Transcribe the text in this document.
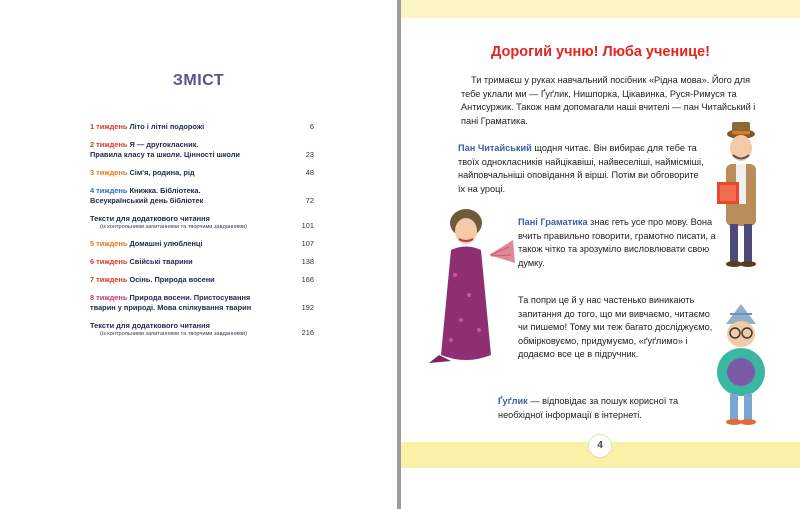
ЗМІСТ
1 тиждень Літо і літні подорожі	6
2 тиждень Я — другокласник.
Правила класу та школи. Цінності школи	23
3 тиждень Сім'я, родина, рід	48
4 тиждень Книжка. Бібліотека.
Всеукраїнський день бібліотек	72
Тексти для додаткового читання
(із контрольними запитаннями та творчими завданнями)	101
5 тиждень Домашні улюбленці	107
6 тиждень Свійські тварини	138
7 тиждень Осінь. Природа восени	166
8 тиждень Природа восени. Пристосування
тварин у природі. Мова спілкування тварин	192
Тексти для додаткового читання
(із контрольними запитаннями та творчими завданнями)	216
Дорогий учню! Люба ученице!
Ти тримаєш у руках навчальний посібник «Рідна мова». Його для тебе уклали ми — Ґуґлик, Нишпорка, Цікавинка, Руся-Римуся та Антисуржик. Також нам допомагали наші вчителі — пан Читайський і пані Граматика.
Пан Читайський щодня читає. Він вибирає для тебе та твоїх однокласників найцікавіші, найвеселіші, наймісміші, найповчальніші оповідання й вірші. Потім ви обговорите їх на уроці.
Пані Граматика знає геть усе про мову. Вона вчить правильно говорити, грамотно писати, а також чітко та зрозуміло висловлювати свою думку.
Та попри це й у нас частенько виникають запитання до того, що ми вивчаємо, читаємо чи пишемо! Тому ми теж багато досліджуємо, обмірковуємо, придумуємо, «ґуґлимо» і додаємо все це в підручник.
Ґуґлик — відповідає за пошук корисної та необхідної інформації в інтернеті.
4
